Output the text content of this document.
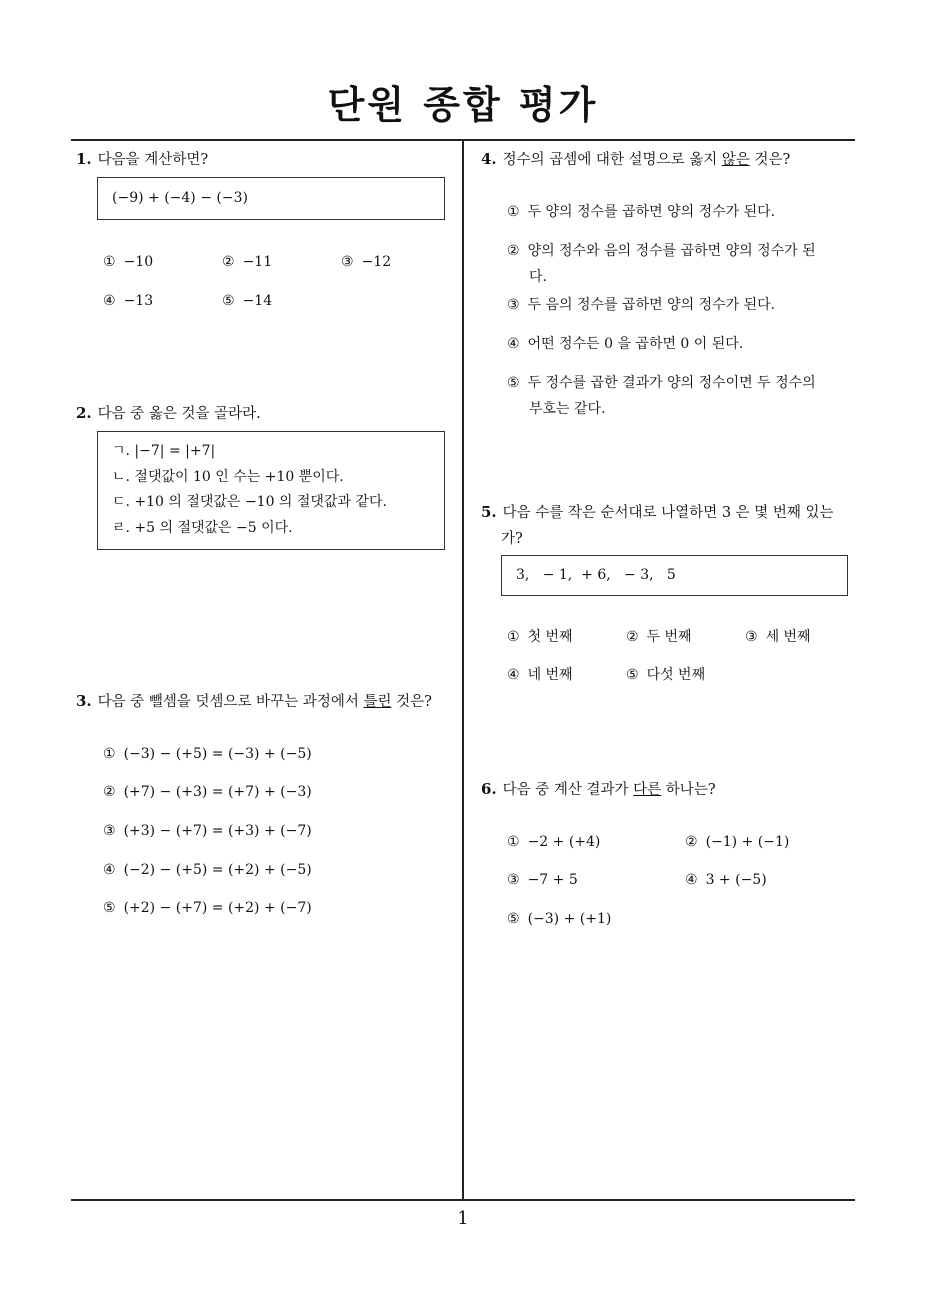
단원 종합 평가
1
1. 다음을 계산하면?
(−9) + (−4) − (−3)
① −10	② −11	③ −12
④ −13	⑤ −14
2. 다음 중 옳은 것을 골라라.
ㄱ. |−7| = |+7|
ㄴ. 절댓값이 10 인 수는 +10 뿐이다.
ㄷ. +10 의 절댓값은 −10 의 절댓값과 같다.
ㄹ. +5 의 절댓값은 −5 이다.
3. 다음 중 뺄셈을 덧셈으로 바꾸는 과정에서 틀린 것은?
① (−3) − (+5) = (−3) + (−5)
② (+7) − (+3) = (+7) + (−3)
③ (+3) − (+7) = (+3) + (−7)
④ (−2) − (+5) = (+2) + (−5)
⑤ (+2) − (+7) = (+2) + (−7)
4. 정수의 곱셈에 대한 설명으로 옳지 않은 것은?
① 두 양의 정수를 곱하면 양의 정수가 된다.
② 양의 정수와 음의 정수를 곱하면 양의 정수가 된
다.
③ 두 음의 정수를 곱하면 양의 정수가 된다.
④ 어떤 정수든 0 을 곱하면 0 이 된다.
⑤ 두 정수를 곱한 결과가 양의 정수이면 두 정수의
부호는 같다.
5. 다음 수를 작은 순서대로 나열하면 3 은 몇 번째 있는
가?
3,   − 1,  + 6,   − 3,   5
① 첫 번째	② 두 번째	③ 세 번째
④ 네 번째	⑤ 다섯 번째
6. 다음 중 계산 결과가 다른 하나는?
① −2 + (+4)	② (−1) + (−1)
③ −7 + 5	④ 3 + (−5)
⑤ (−3) + (+1)
